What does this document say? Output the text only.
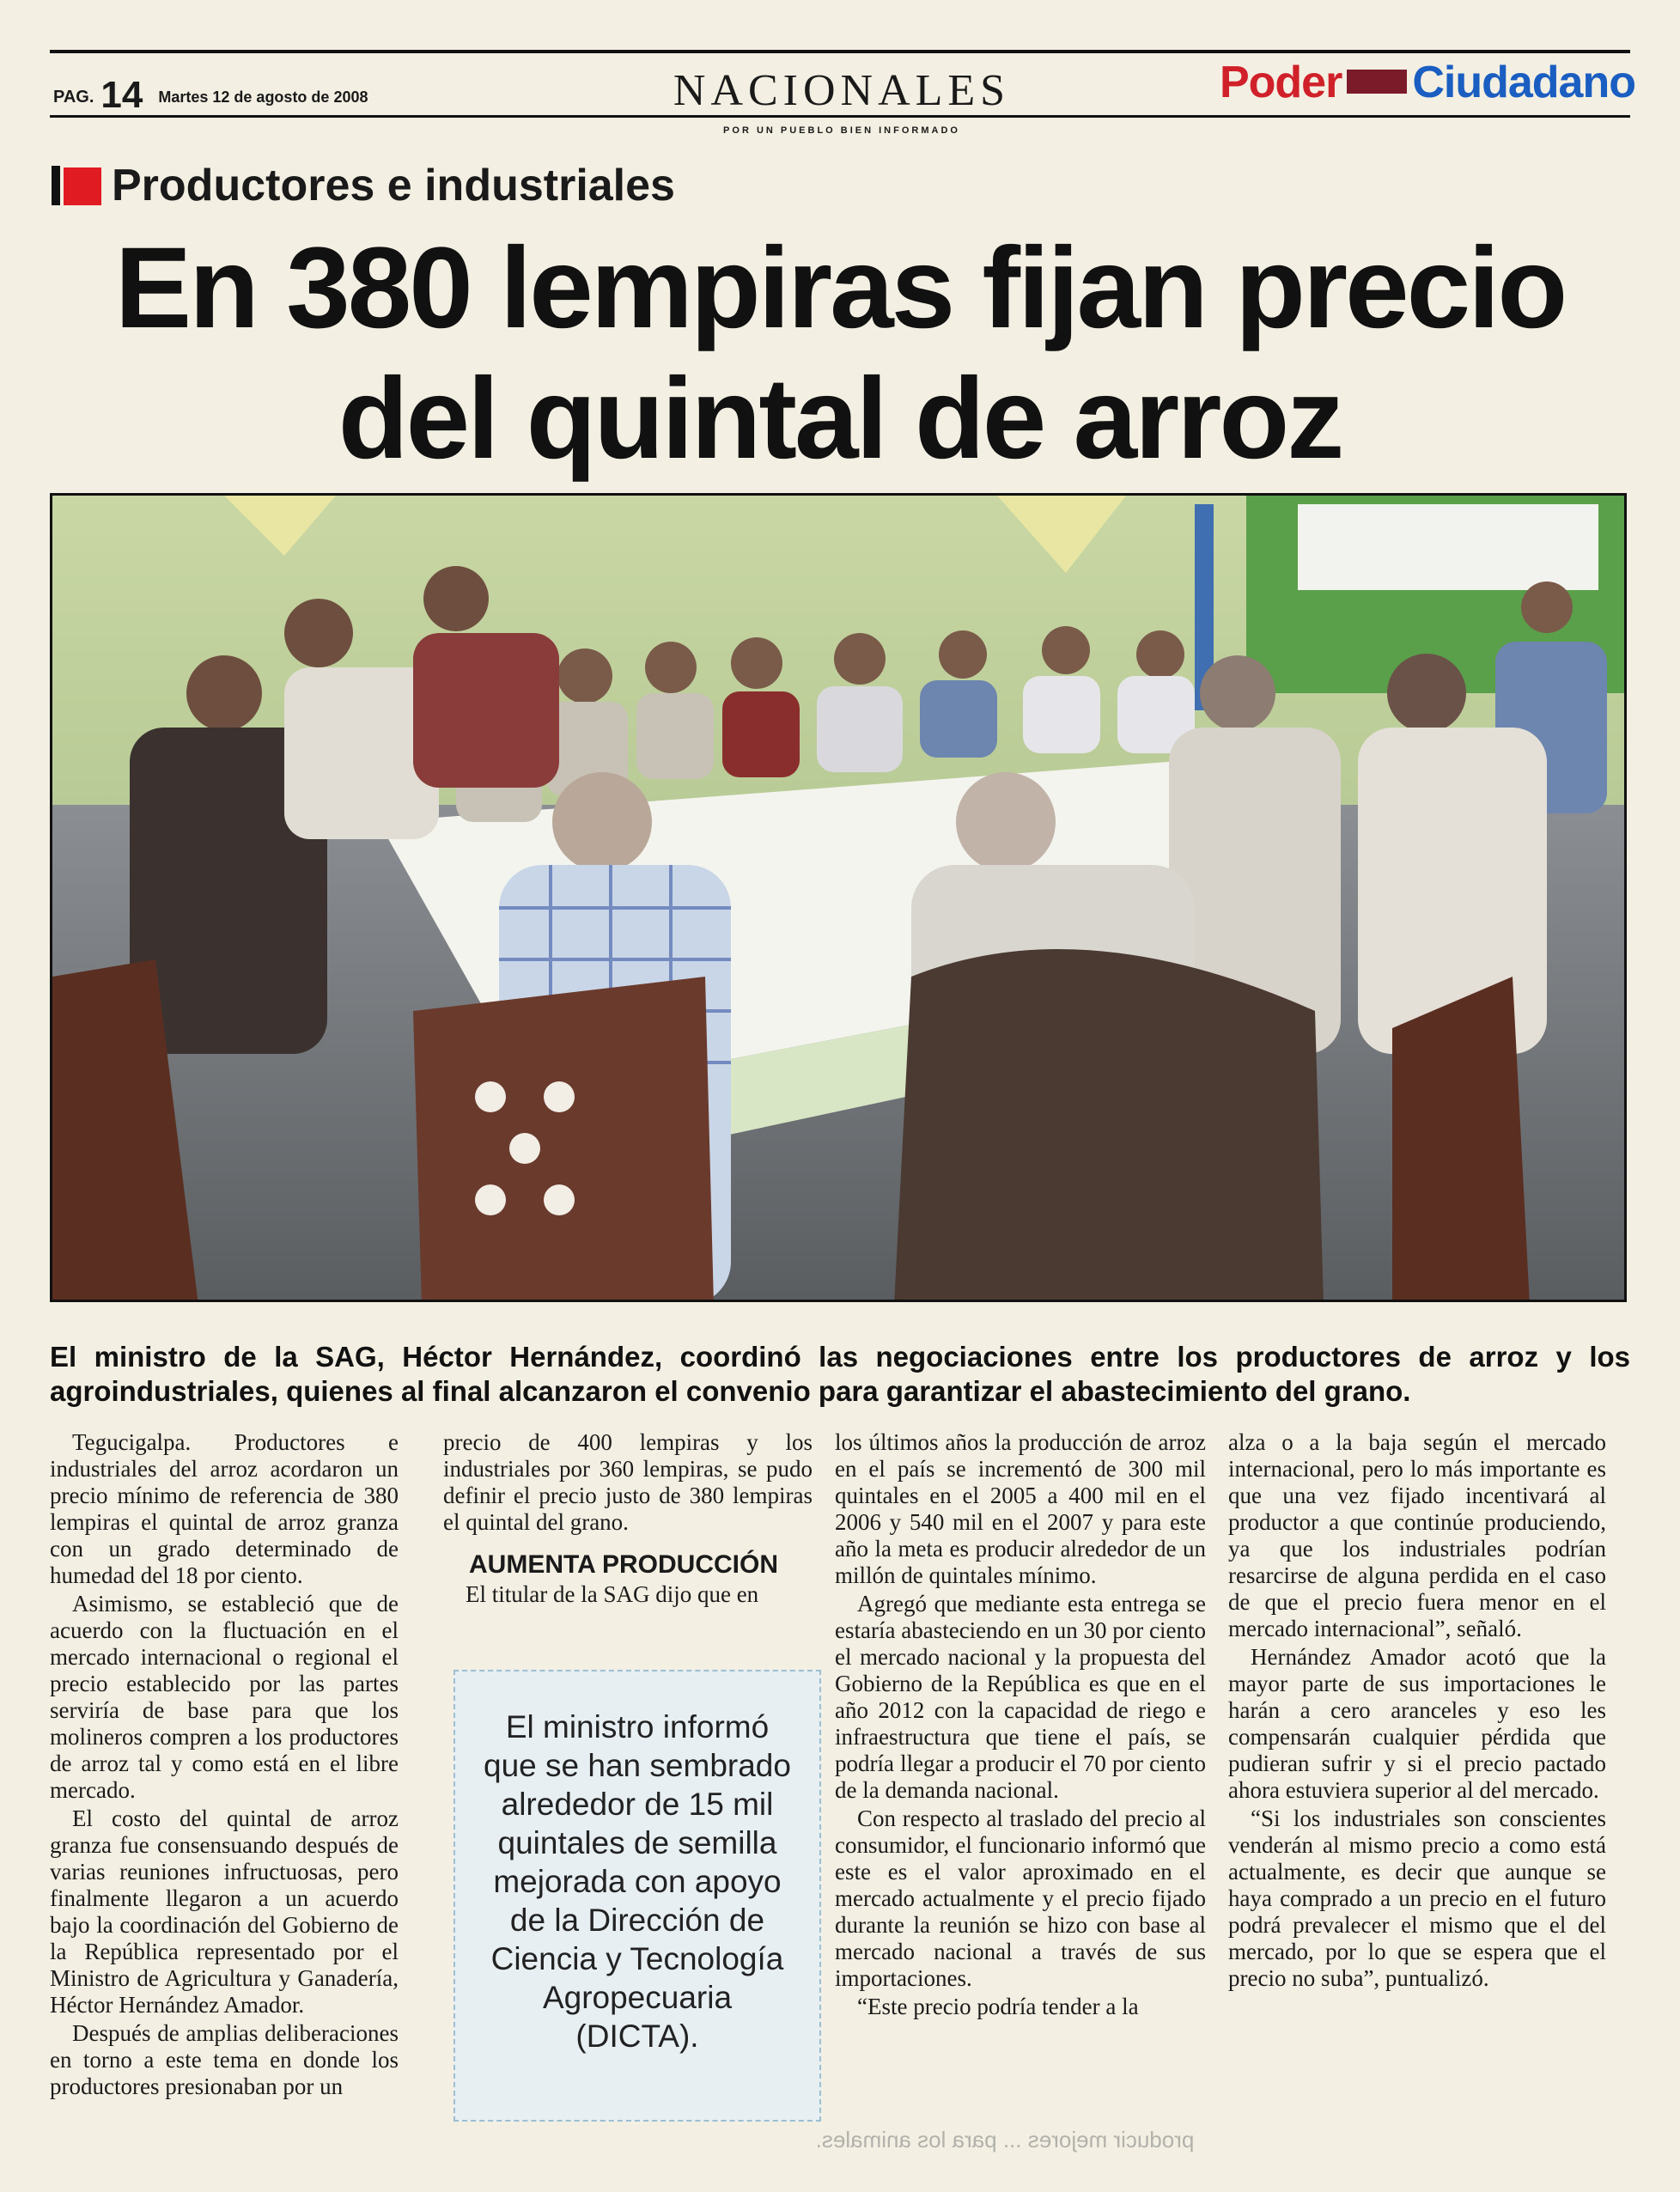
PAG. 14 Martes 12 de agosto de 2008	NACIONALES
POR UN PUEBLO BIEN INFORMADO
Poder Ciudadano
Productores e industriales
En 380 lempiras fijan precio
del quintal de arroz
El ministro de la SAG, Héctor Hernández, coordinó las negociaciones entre los productores de arroz y los agroindustriales, quienes al final alcanzaron el convenio para garantizar el abastecimiento del grano.

Tegucigalpa. Productores e industriales del arroz acordaron un precio mínimo de referencia de 380 lempiras el quintal de arroz granza con un grado determinado de humedad del 18 por ciento.

Asimismo, se estableció que de acuerdo con la fluctuación en el mercado internacional o regional el precio establecido por las partes serviría de base para que los molineros compren a los productores de arroz tal y como está en el libre mercado.

El costo del quintal de arroz granza fue consensuando después de varias reuniones infructuosas, pero finalmente llegaron a un acuerdo bajo la coordinación del Gobierno de la República representado por el Ministro de Agricultura y Ganadería, Héctor Hernández Amador.

Después de amplias deliberaciones en torno a este tema en donde los productores presionaban por un

precio de 400 lempiras y los industriales por 360 lempiras, se pudo definir el precio justo de 380 lempiras el quintal del grano.

AUMENTA PRODUCCIÓN

El titular de la SAG dijo que en

El ministro informó que se han sembrado alrededor de 15 mil quintales de semilla mejorada con apoyo de la Dirección de Ciencia y Tecnología Agropecuaria (DICTA).

los últimos años la producción de arroz en el país se incrementó de 300 mil quintales en el 2005 a 400 mil en el 2006 y 540 mil en el 2007 y para este año la meta es producir alrededor de un millón de quintales mínimo.

Agregó que mediante esta entrega se estaría abasteciendo en un 30 por ciento el mercado nacional y la propuesta del Gobierno de la República es que en el año 2012 con la capacidad de riego e infraestructura que tiene el país, se podría llegar a producir el 70 por ciento de la demanda nacional.

Con respecto al traslado del precio al consumidor, el funcionario informó que este es el valor aproximado en el mercado actualmente y el precio fijado durante la reunión se hizo con base al mercado nacional a través de sus importaciones.

“Este precio podría tender a la

alza o a la baja según el mercado internacional, pero lo más importante es que una vez fijado incentivará al productor a que continúe produciendo, ya que los industriales podrían resarcirse de alguna perdida en el caso de que el precio fuera menor en el mercado internacional”, señaló.

Hernández Amador acotó que la mayor parte de sus importaciones le harán a cero aranceles y eso les compensarán cualquier pérdida que pudieran sufrir y si el precio pactado ahora estuviera superior al del mercado.

“Si los industriales son conscientes venderán al mismo precio a como está actualmente, es decir que aunque se haya comprado a un precio en el futuro podrá prevalecer el mismo que el del mercado, por lo que se espera que el precio no suba”, puntualizó.

producir mejores ... para los animales.
